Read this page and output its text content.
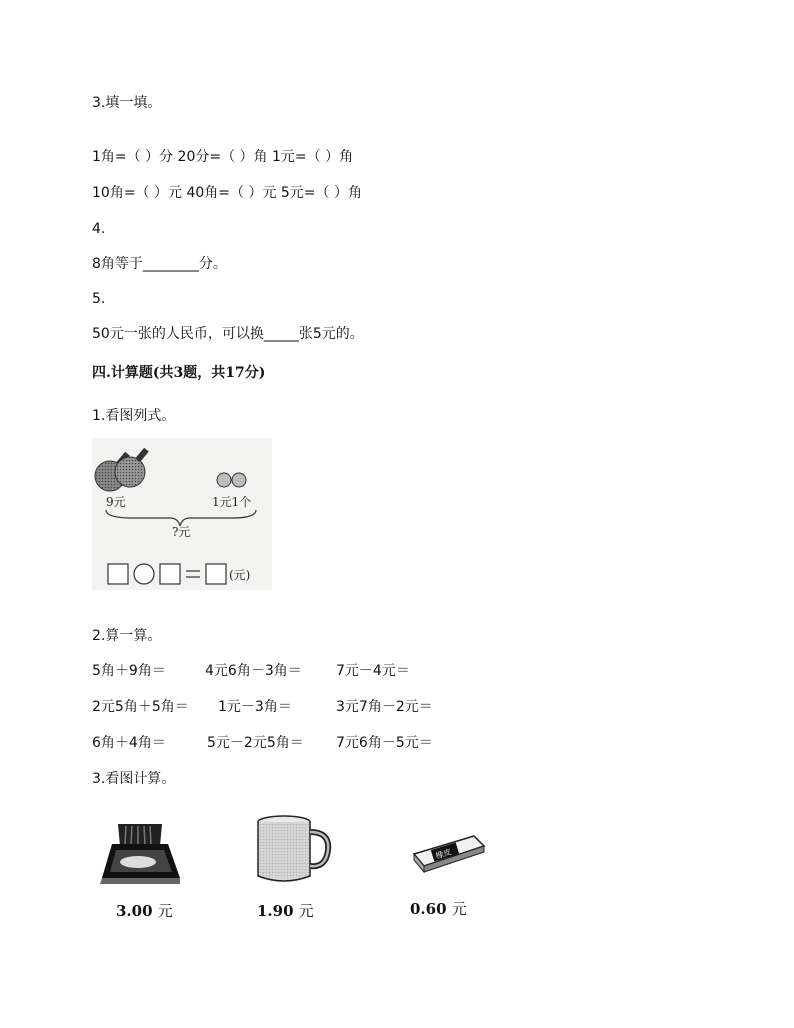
3.填一填。
1角=（ ）分 20分=（ ）角 1元=（ ）角
10角=（ ）元 40角=（ ）元 5元=（ ）角
4.
8角等于________分。
5.
50元一张的人民币，可以换_____张5元的。
四.计算题(共3题，共17分)
1.看图列式。
9元	1元1个
?元
(元)
2.算一算。
5角＋9角＝	4元6角－3角＝ 7元－4元＝
2元5角＋5角＝ 1元－3角＝	3元7角－2元＝
6角＋4角＝	5元－2元5角＝ 7元6角－5元＝
3.看图计算。
橡皮
3.00 元	1.90 元	0.60 元
